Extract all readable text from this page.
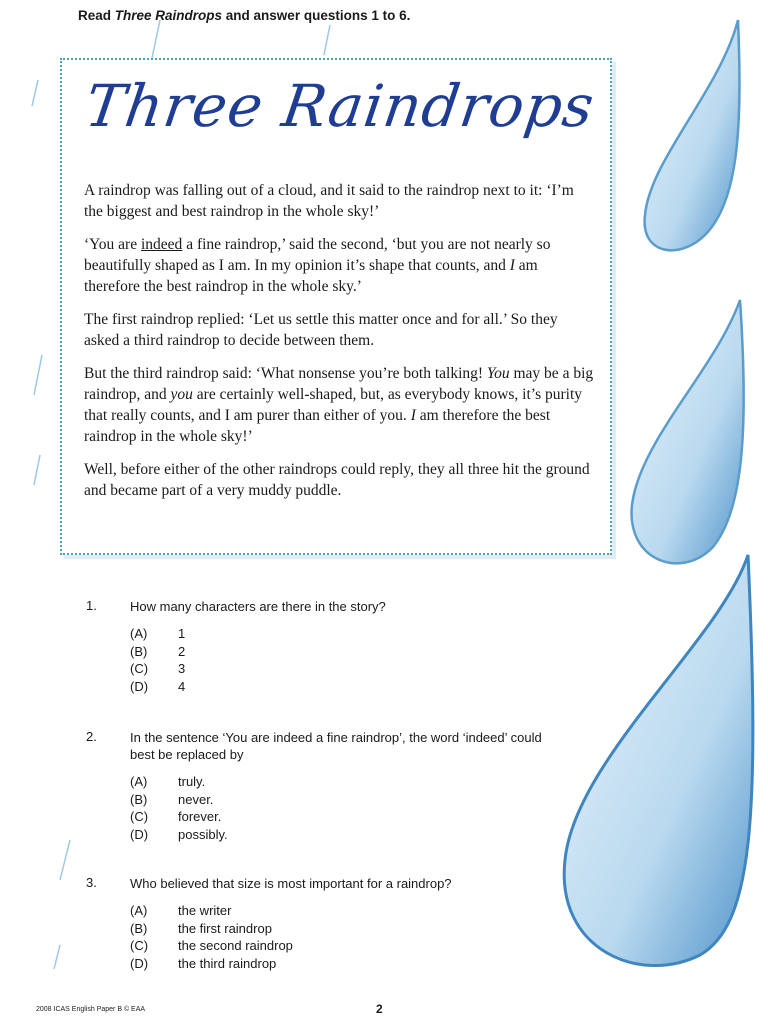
Read Three Raindrops and answer questions 1 to 6.
Three Raindrops

A raindrop was falling out of a cloud, and it said to the raindrop next to it: ‘I’m the biggest and best raindrop in the whole sky!’

‘You are indeed a fine raindrop,’ said the second, ‘but you are not nearly so beautifully shaped as I am. In my opinion it’s shape that counts, and I am therefore the best raindrop in the whole sky.’

The first raindrop replied: ‘Let us settle this matter once and for all.’ So they asked a third raindrop to decide between them.

But the third raindrop said: ‘What nonsense you’re both talking! You may be a big raindrop, and you are certainly well-shaped, but, as everybody knows, it’s purity that really counts, and I am purer than either of you. I am therefore the best raindrop in the whole sky!’

Well, before either of the other raindrops could reply, they all three hit the ground and became part of a very muddy puddle.

1.	How many characters are there in the story?
(A)	1
(B)	2
(C)	3
(D)	4
2.	In the sentence ‘You are indeed a fine raindrop’, the word ‘indeed’ could best be replaced by
(A)	truly.
(B)	never.
(C)	forever.
(D)	possibly.
3.	Who believed that size is most important for a raindrop?
(A)	the writer
(B)	the first raindrop
(C)	the second raindrop
(D)	the third raindrop
2008 ICAS English Paper B © EAA	2
